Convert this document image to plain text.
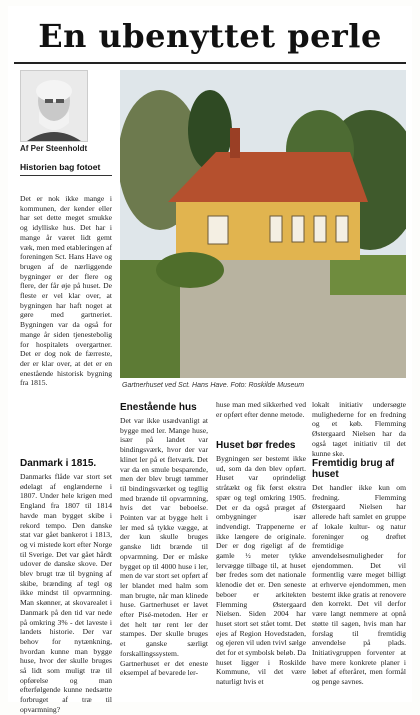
En ubenyttet perle
Af Per Steenholdt
Historien bag fotoet
Det er nok ikke mange i kommunen, der kender eller har set dette meget smukke og idylliske hus. Det har i mange år været lidt gemt væk, men med etableringen af foreningen Sct. Hans Have og brugen af de nærliggende bygninger er der flere og flere, der får øje på huset. De fleste er vel klar over, at bygningen har haft noget at gøre med gartneriet. Bygningen var da også for mange år siden tjenestebolig for hospitalets overgartner. Det er dog nok de færreste, der er klar over, at det er en enestående historisk bygning fra 1815.
Danmark i 1815.
Danmarks flåde var stort set ødelagt af englænderne i 1807. Under hele krigen med England fra 1807 til 1814 havde man bygget skibe i rekord tempo. Den danske stat var gået bankerot i 1813, og vi mistede kort efter Norge til Sverige. Det var gået hårdt udover de danske skove. Der blev brugt træ til bygning af skibe, brænding af tegl og ikke mindst til opvarmning. Man skønner, at skovarealet i Danmark på den tid var nede på omkring 3% - det laveste i landets historie. Der var behov for nytænkning, hvordan kunne man bygge huse, hvor der skulle bruges så lidt som muligt træ til opførelse og man efterfølgende kunne nedsætte forbruget af træ til opvarmning?
Gartnerhuset ved Sct. Hans Have. Foto: Roskilde Museum
Enestående hus
Det var ikke usædvanligt at bygge med ler. Mange huse, især på landet var bindingsværk, hvor der var klinet ler på et fletværk. Det var da en smule besparende, men der blev brugt tømmer til bindingsværket og tegllig med brænde til opvarmning, hvis det var beboelse. Pointen var at bygge helt i ler med så tykke vægge, at der kun skulle bruges ganske lidt brænde til opvarmning. Der er måske bygget op til 4000 huse i ler, men de var stort set opført af ler blandet med halm som man brugte, når man klinede huse. Gartnerhuset er lavet efter Pisé-metoden. Her er det helt tør rent ler der stampes. Der skulle bruges et ganske særligt forskallingssystem. Gartnerhuset er det eneste eksempel af bevarede ler-
huse man med sikkerhed ved er opført efter denne metode.
Huset bør fredes
Bygningen ser bestemt ikke ud, som da den blev opført. Huset var oprindeligt stråtækt og fik først ekstra spær og tegl omkring 1905. Det er da også præget af ombygninger især indvendigt. Trappenerne er ikke længere de originale. Der er dog rigeligt af de gamle ½ meter tykke lervægge tilbage til, at huset bør fredes som det nationale klenodie det er. Den seneste beboer er arkitekten Flemming Østergaard Nielsen. Siden 2004 har huset stort set stået tomt. Det ejes af Region Hovedstaden, og ejeren vil uden tvivl sælge det for et symbolsk beløb. Da huset ligger i Roskilde Kommune, vil det være naturligt hvis et
lokalt initiativ undersøgte mulighederne for en fredning og et køb. Flemming Østergaard Nielsen har da også taget initiativ til det kunne ske.
Fremtidig brug af huset
Det handler ikke kun om fredning. Flemming Østergaard Nielsen har allerede haft samlet en gruppe af lokale kultur- og natur foreninger og drøftet fremtidige anvendelsesmuligheder for ejendommen. Det vil formentlig være meget billigt at erhverve ejendommen, men bestemt ikke gratis at renovere den korrekt. Det vil derfor være langt nemmere at opnå støtte til sagen, hvis man har forslag til fremtidig anvendelse på plads. Initiativgruppen forventer at have mere konkrete planer i løbet af efteråret, men formål og penge savnes.
